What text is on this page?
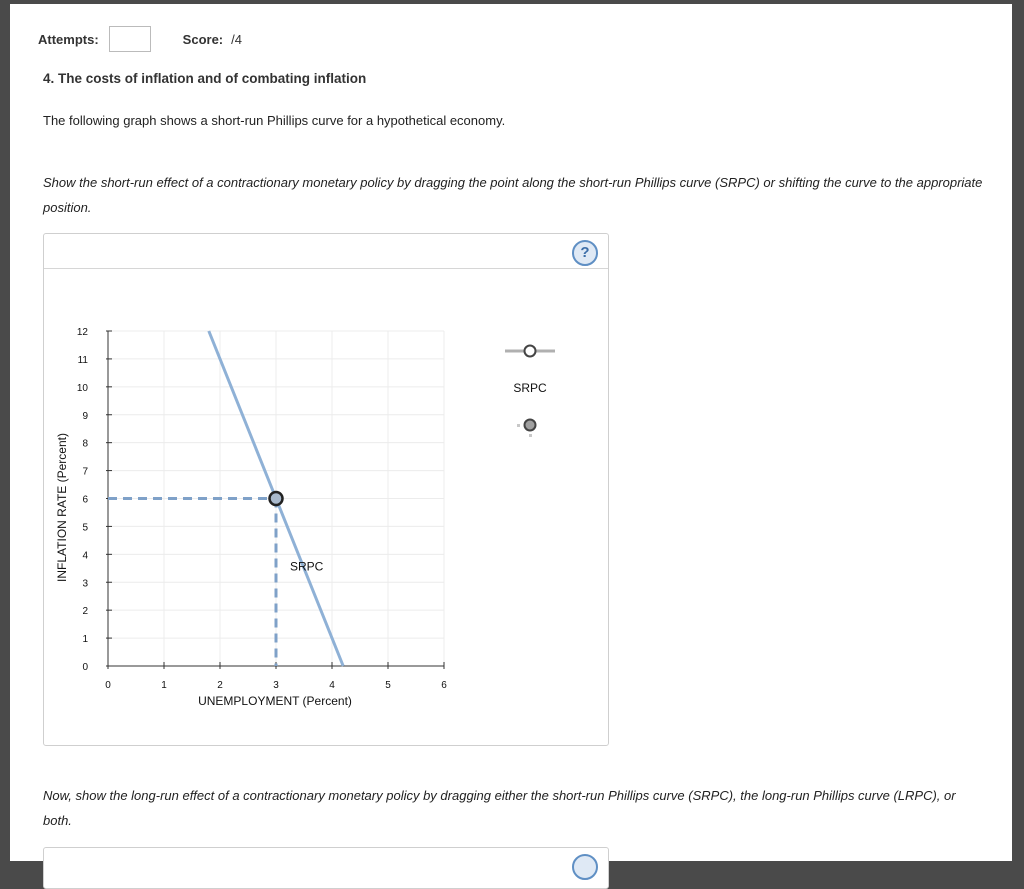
Attempts:	Score: /4
4. The costs of inflation and of combating inflation
The following graph shows a short-run Phillips curve for a hypothetical economy.
Show the short-run effect of a contractionary monetary policy by dragging the point along the short-run Phillips curve (SRPC) or shifting the curve to the appropriate position.
?
0
1
2
3
4
5
6
7
8
9
10
11
12
0	1	2	3	4	5	6
UNEMPLOYMENT (Percent)
INFLATION RATE (Percent)	SRPC
SRPC
Now, show the long-run effect of a contractionary monetary policy by dragging either the short-run Phillips curve (SRPC), the long-run Phillips curve (LRPC), or both.
